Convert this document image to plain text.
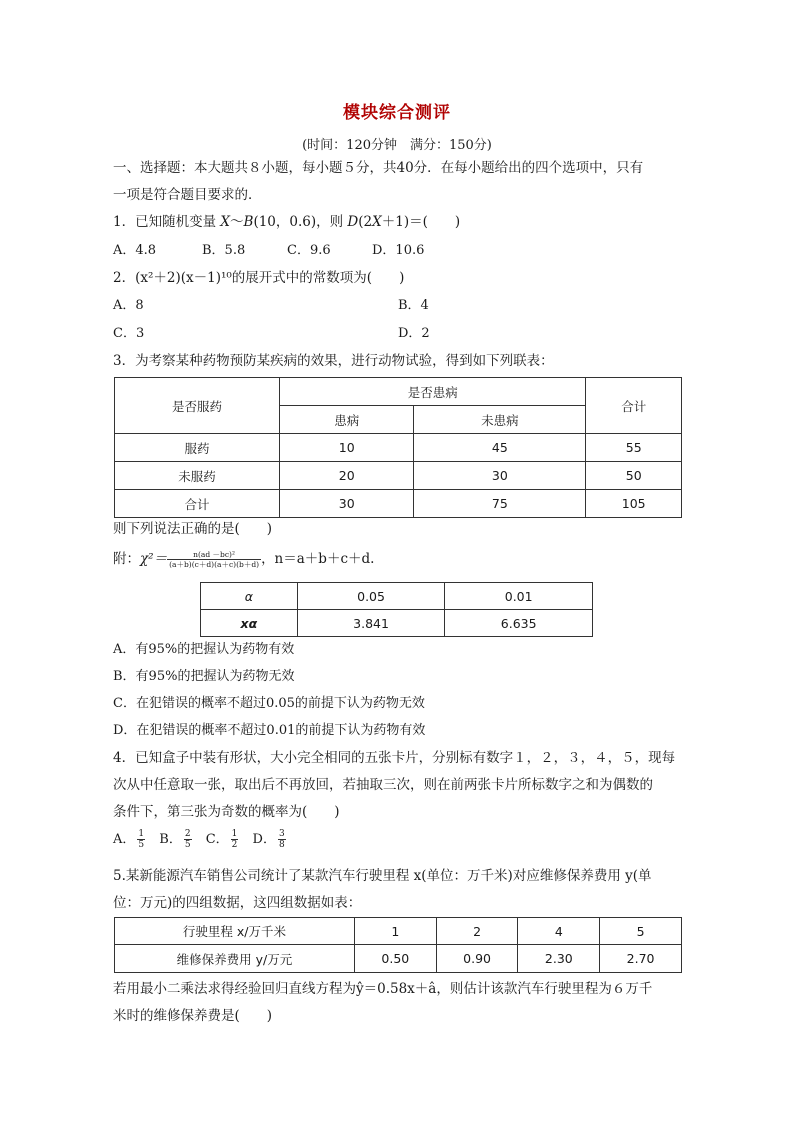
模块综合测评
(时间：120分钟　满分：150分)
一、选择题：本大题共８小题，每小题５分，共40分．在每小题给出的四个选项中，只有
一项是符合题目要求的．
1．已知随机变量 X～B(10，0.6)，则 D(2X＋1)＝(　　)
A．4.8	B．5.8	C．9.6	D．10.6
2．(x²＋2)(x－1)¹⁰的展开式中的常数项为(　　)
A．8	B．4
C．3	D．2
3．为考察某种药物预防某疾病的效果，进行动物试验，得到如下列联表：
是否服药	是否患病		合计
	患病	未患病	
服药	10	45	55
未服药	20	30	50
合计	30	75	105
则下列说法正确的是(　　)
附：$\chi^2= \frac{\text{n(ad －bc)²}}{(a+b)(c+d)(a+c)(b+d)}$ ，n＝a＋b＋c＋d.
α	0.05	0.01
xα	3.841	6.635
A．有95%的把握认为药物有效
B．有95%的把握认为药物无效
C．在犯错误的概率不超过0.05的前提下认为药物无效
D．在犯错误的概率不超过0.01的前提下认为药物有效
4．已知盒子中装有形状，大小完全相同的五张卡片，分别标有数字１，２，３，４，５，现每
次从中任意取一张，取出后不再放回，若抽取三次，则在前两张卡片所标数字之和为偶数的
条件下，第三张为奇数的概率为(　　)
A． $\frac{1}{5}$ B． $\frac{2}{5}$ C． $\frac{1}{2}$ D． $\frac{3}{8}$
5.某新能源汽车销售公司统计了某款汽车行驶里程 x(单位：万千米)对应维修保养费用 y(单
位：万元)的四组数据，这四组数据如表：
行驶里程 x/万千米	1	2	4	5
维修保养费用 y/万元	0.50	0.90	2.30	2.70
若用最小二乘法求得经验回归直线方程为ŷ＝0.58x＋â，则估计该款汽车行驶里程为６万千
米时的维修保养费是(　　)
